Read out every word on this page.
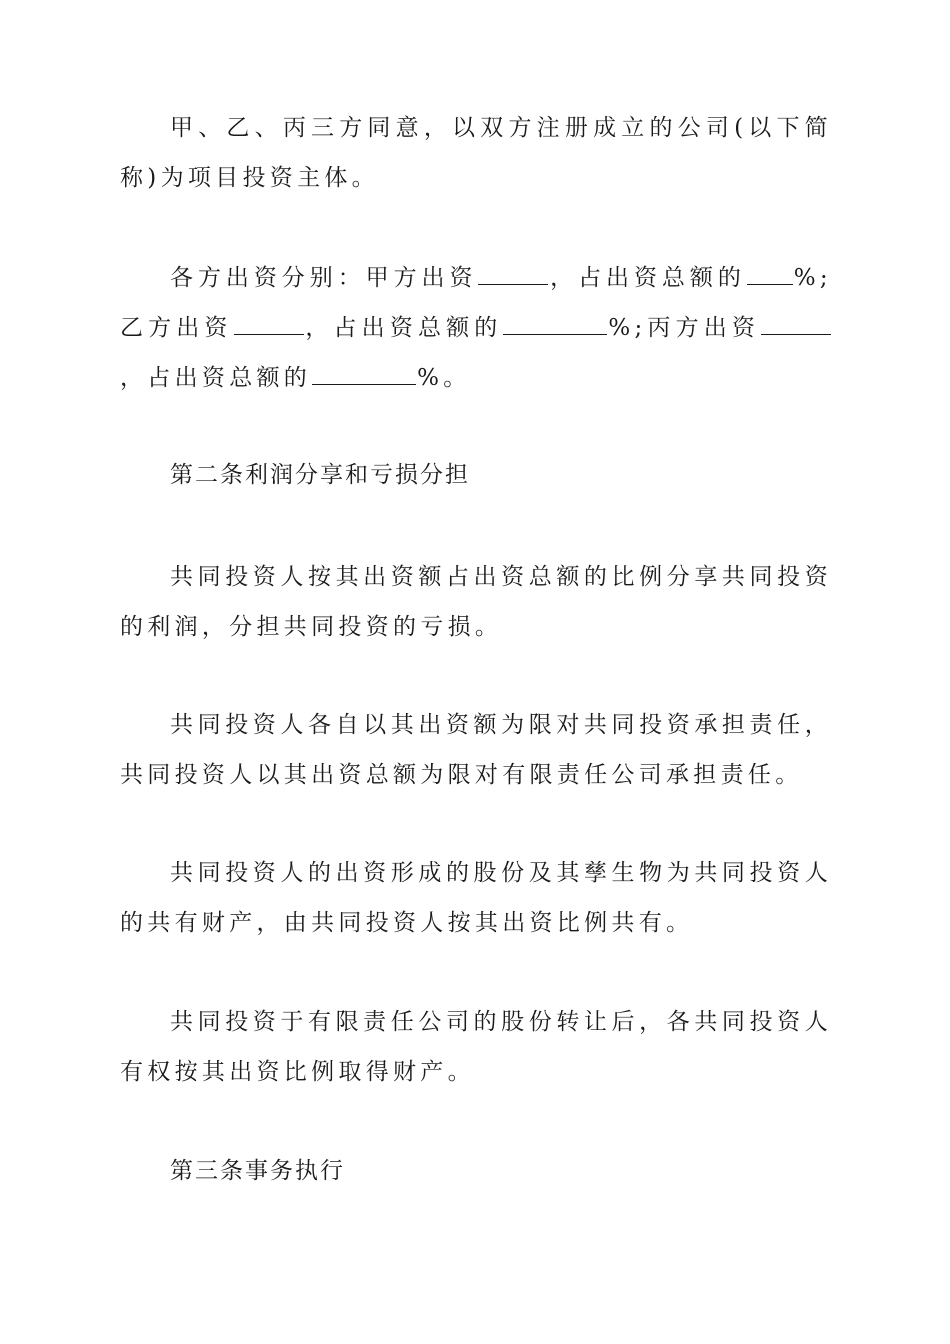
甲、乙、丙三方同意，以双方注册成立的公司(以下简称)为项目投资主体。

各方出资分别：甲方出资	，占出资总额的 %;乙方出资	，占出资总额的	%;丙方出资，占出资总额的	%。

第二条利润分享和亏损分担

共同投资人按其出资额占出资总额的比例分享共同投资的利润，分担共同投资的亏损。

共同投资人各自以其出资额为限对共同投资承担责任，共同投资人以其出资总额为限对有限责任公司承担责任。

共同投资人的出资形成的股份及其孳生物为共同投资人的共有财产，由共同投资人按其出资比例共有。

共同投资于有限责任公司的股份转让后，各共同投资人有权按其出资比例取得财产。

第三条事务执行
